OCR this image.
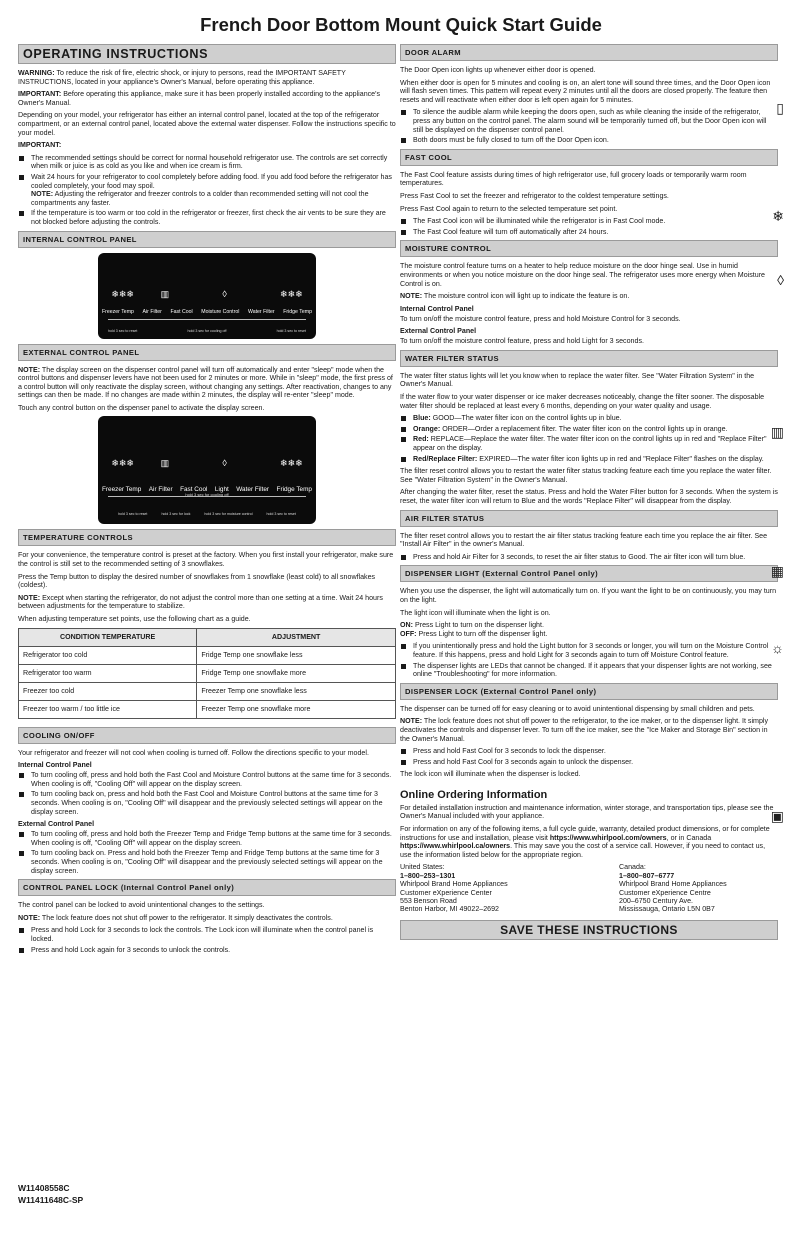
French Door Bottom Mount Quick Start Guide
OPERATING INSTRUCTIONS

WARNING: To reduce the risk of fire, electric shock, or injury to persons, read the IMPORTANT SAFETY INSTRUCTIONS, located in your appliance's Owner's Manual, before operating this appliance.

IMPORTANT: Before operating this appliance, make sure it has been properly installed according to the appliance's Owner's Manual.

Depending on your model, your refrigerator has either an internal control panel, located at the top of the refrigerator compartment, or an external control panel, located above the external water dispenser. Follow the instructions specific to your model.

IMPORTANT:

The recommended settings should be correct for normal household refrigerator use. The controls are set correctly when milk or juice is as cold as you like and when ice cream is firm.
Wait 24 hours for your refrigerator to cool completely before adding food. If you add food before the refrigerator has cooled completely, your food may spoil.
NOTE: Adjusting the refrigerator and freezer controls to a colder than recommended setting will not cool the compartments any faster.
If the temperature is too warm or too cold in the refrigerator or freezer, first check the air vents to be sure they are not blocked before adjusting the controls.
INTERNAL CONTROL PANEL
❄❄❄	▥	◊	❄❄❄
Freezer Temp Air Filter Fast Cool Moisture Control Water Filter Fridge Temp
hold 3 sec to reset	hold 3 sec for cooling off	hold 3 sec to reset
EXTERNAL CONTROL PANEL

NOTE: The display screen on the dispenser control panel will turn off automatically and enter "sleep" mode when the control buttons and dispenser levers have not been used for 2 minutes or more. While in "sleep" mode, the first press of a control button will only reactivate the display screen, without changing any settings. After reactivation, changes to any settings can then be made. If no changes are made within 2 minutes, the display will re-enter "sleep" mode.

Touch any control button on the dispenser panel to activate the display screen.

❄❄❄	▥	◊	❄❄❄
Freezer Temp Air Filter Fast Cool Light Water Filter Fridge Temp
hold 3 sec for cooling off
hold 3 sec to reset	hold 3 sec for lock	hold 3 sec for moisture control	hold 3 sec to reset
TEMPERATURE CONTROLS

For your convenience, the temperature control is preset at the factory. When you first install your refrigerator, make sure the control is still set to the recommended setting of 3 snowflakes.

Press the Temp button to display the desired number of snowflakes from 1 snowflake (least cold) to all snowflakes (coldest).

NOTE: Except when starting the refrigerator, do not adjust the control more than one setting at a time. Wait 24 hours between adjustments for the temperature to stabilize.

When adjusting temperature set points, use the following chart as a guide.

CONDITION TEMPERATURE	ADJUSTMENT
Refrigerator too cold	Fridge Temp one snowflake less
Refrigerator too warm	Fridge Temp one snowflake more
Freezer too cold	Freezer Temp one snowflake less
Freezer too warm / too little ice	Freezer Temp one snowflake more
COOLING ON/OFF

Your refrigerator and freezer will not cool when cooling is turned off. Follow the directions specific to your model.

Internal Control Panel
To turn cooling off, press and hold both the Fast Cool and Moisture Control buttons at the same time for 3 seconds. When cooling is off, "Cooling Off" will appear on the display screen.
To turn cooling back on, press and hold both the Fast Cool and Moisture Control buttons at the same time for 3 seconds. When cooling is on, "Cooling Off" will disappear and the previously selected settings will appear on the display screen.
External Control Panel
To turn cooling off, press and hold both the Freezer Temp and Fridge Temp buttons at the same time for 3 seconds. When cooling is off, "Cooling Off" will appear on the display screen.
To turn cooling back on. Press and hold both the Freezer Temp and Fridge Temp buttons at the same time for 3 seconds. When cooling is on, "Cooling Off" will disappear and the previously selected settings will appear on the display screen.
CONTROL PANEL LOCK (Internal Control Panel only)

The control panel can be locked to avoid unintentional changes to the settings.

NOTE: The lock feature does not shut off power to the refrigerator. It simply deactivates the controls.

Press and hold Lock for 3 seconds to lock the controls. The Lock icon will illuminate when the control panel is locked.
Press and hold Lock again for 3 seconds to unlock the controls.
DOOR ALARM

The Door Open icon lights up whenever either door is opened.

When either door is open for 5 minutes and cooling is on, an alert tone will sound three times, and the Door Open icon will flash seven times. This pattern will repeat every 2 minutes until all the doors are closed properly. The feature then resets and will reactivate when either door is left open again for 5 minutes.

To silence the audible alarm while keeping the doors open, such as while cleaning the inside of the refrigerator, press any button on the control panel. The alarm sound will be temporarily turned off, but the Door Open icon will still be displayed on the dispenser control panel.
Both doors must be fully closed to turn off the Door Open icon.
FAST COOL

The Fast Cool feature assists during times of high refrigerator use, full grocery loads or temporarily warm room temperatures.

Press Fast Cool to set the freezer and refrigerator to the coldest temperature settings.

Press Fast Cool again to return to the selected temperature set point.

The Fast Cool icon will be illuminated while the refrigerator is in Fast Cool mode.
The Fast Cool feature will turn off automatically after 24 hours.
MOISTURE CONTROL

The moisture control feature turns on a heater to help reduce moisture on the door hinge seal. Use in humid environments or when you notice moisture on the door hinge seal. The refrigerator uses more energy when Moisture Control is on.

NOTE: The moisture control icon will light up to indicate the feature is on.

Internal Control Panel

To turn on/off the moisture control feature, press and hold Moisture Control for 3 seconds.

External Control Panel

To turn on/off the moisture control feature, press and hold Light for 3 seconds.

WATER FILTER STATUS

The water filter status lights will let you know when to replace the water filter. See "Water Filtration System" in the Owner's Manual.

If the water flow to your water dispenser or ice maker decreases noticeably, change the filter sooner. The disposable water filter should be replaced at least every 6 months, depending on your water quality and usage.

Blue: GOOD—The water filter icon on the control lights up in blue.
Orange: ORDER—Order a replacement filter. The water filter icon on the control lights up in orange.
Red: REPLACE—Replace the water filter. The water filter icon on the control lights up in red and "Replace Filter" appear on the display.
Red/Replace Filter: EXPIRED—The water filter icon lights up in red and "Replace Filter" flashes on the display.

The filter reset control allows you to restart the water filter status tracking feature each time you replace the water filter. See "Water Filtration System" in the Owner's Manual.

After changing the water filter, reset the status. Press and hold the Water Filter button for 3 seconds. When the system is reset, the water filter icon will return to Blue and the words "Replace Filter" will disappear from the display.

AIR FILTER STATUS

The filter reset control allows you to restart the air filter status tracking feature each time you replace the air filter. See "Install Air Filter" in the owner's Manual.

Press and hold Air Filter for 3 seconds, to reset the air filter status to Good. The air filter icon will turn blue.
DISPENSER LIGHT (External Control Panel only)

When you use the dispenser, the light will automatically turn on. If you want the light to be on continuously, you may turn on the light.

The light icon will illuminate when the light is on.

ON: Press Light to turn on the dispenser light.
OFF: Press Light to turn off the dispenser light.

If you unintentionally press and hold the Light button for 3 seconds or longer, you will turn on the Moisture Control feature. If this happens, press and hold Light for 3 seconds again to turn off Moisture Control feature.
The dispenser lights are LEDs that cannot be changed. If it appears that your dispenser lights are not working, see online "Troubleshooting" for more information.
DISPENSER LOCK (External Control Panel only)

The dispenser can be turned off for easy cleaning or to avoid unintentional dispensing by small children and pets.

NOTE: The lock feature does not shut off power to the refrigerator, to the ice maker, or to the dispenser light. It simply deactivates the controls and dispenser lever. To turn off the ice maker, see the "Ice Maker and Storage Bin" section in the Owner's Manual.

Press and hold Fast Cool for 3 seconds to lock the dispenser.
Press and hold Fast Cool for 3 seconds again to unlock the dispenser.

The lock icon will illuminate when the dispenser is locked.

Online Ordering Information

For detailed installation instruction and maintenance information, winter storage, and transportation tips, please see the Owner's Manual included with your appliance.

For information on any of the following items, a full cycle guide, warranty, detailed product dimensions, or for complete instructions for use and installation, please visit https://www.whirlpool.com/owners, or in Canada https://www.whirlpool.ca/owners. This may save you the cost of a service call. However, if you need to contact us, use the information listed below for the appropriate region.

United States:
1–800–253–1301
Whirlpool Brand Home Appliances
Customer eXperience Center
553 Benson Road
Benton Harbor, MI 49022–2692
Canada:
1–800–807–6777
Whirlpool Brand Home Appliances
Customer eXperience Centre
200–6750 Century Ave.
Mississauga, Ontario L5N 0B7
SAVE THESE INSTRUCTIONS
▯
❄
◊
▥
▦
☼
▣
W11408558C
W11411648C-SP
